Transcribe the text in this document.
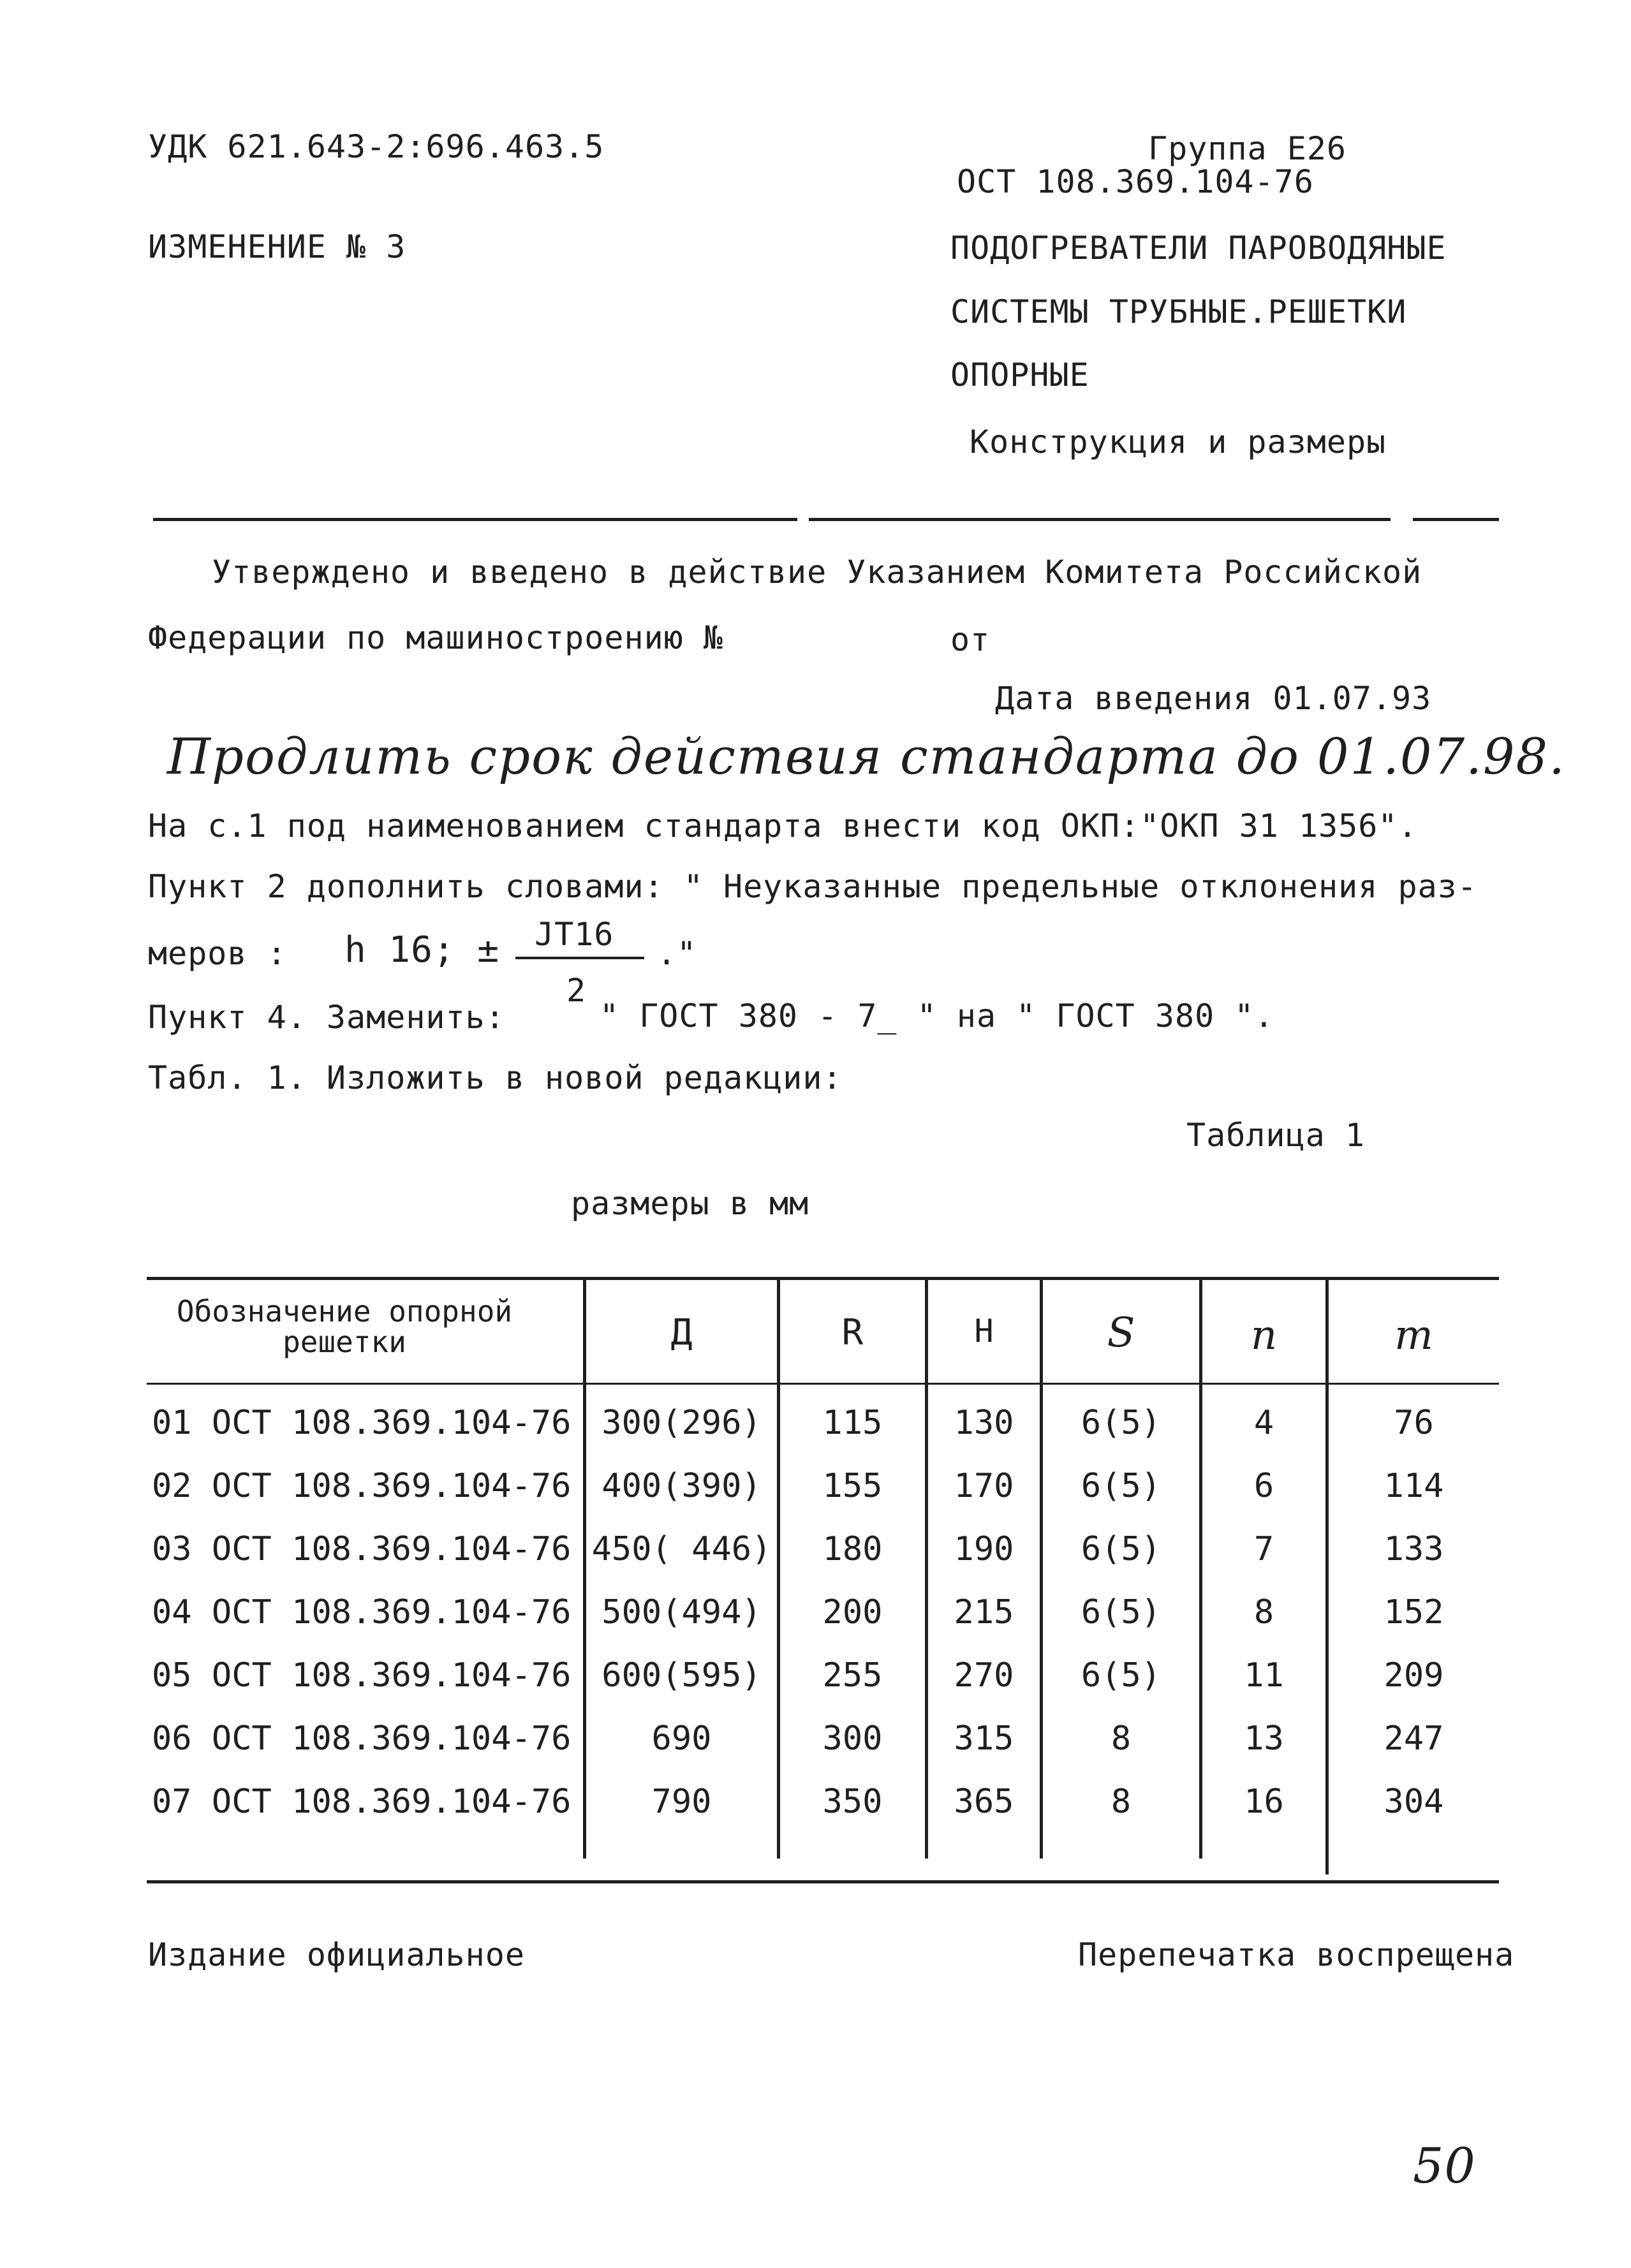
УДК 621.643-2:696.463.5	Группа Е26
ОСТ 108.369.104-76
ИЗМЕНЕНИЕ № 3	ПОДОГРЕВАТЕЛИ ПАРОВОДЯНЫЕ
СИСТЕМЫ ТРУБНЫЕ.РЕШЕТКИ
ОПОРНЫЕ
Конструкция и размеры
Утверждено и введено в действие Указанием Комитета Российской
Федерации по машиностроению №	от
Дата введения 01.07.93
Продлить срок действия стандарта до 01.07.98.
На с.1 под наименованием стандарта внести код ОКП:"ОКП 31 1356".
Пункт 2 дополнить словами: " Неуказанные предельные отклонения раз-
меров : h 16; ± JT16
."
2
Пункт 4. Заменить:	" ГОСТ 380 - 7_ " на " ГОСТ 380 ".
Табл. 1. Изложить в новой редакции:
Таблица 1
размеры в мм
Обозначение опорной решетки	Д	R	Н	S	n	m
01 ОСТ 108.369.104-76 300(296)	115	130	6(5)	4	76
02 ОСТ 108.369.104-76 400(390)	155	170	6(5)	6	114
03 ОСТ 108.369.104-76 450( 446)	180	190	6(5)	7	133
04 ОСТ 108.369.104-76 500(494)	200	215	6(5)	8	152
05 ОСТ 108.369.104-76 600(595)	255	270	6(5)	11	209
06 ОСТ 108.369.104-76	690	300	315	8	13	247
07 ОСТ 108.369.104-76	790	350	365	8	16	304
Издание официальное	Перепечатка воспрещена
50
